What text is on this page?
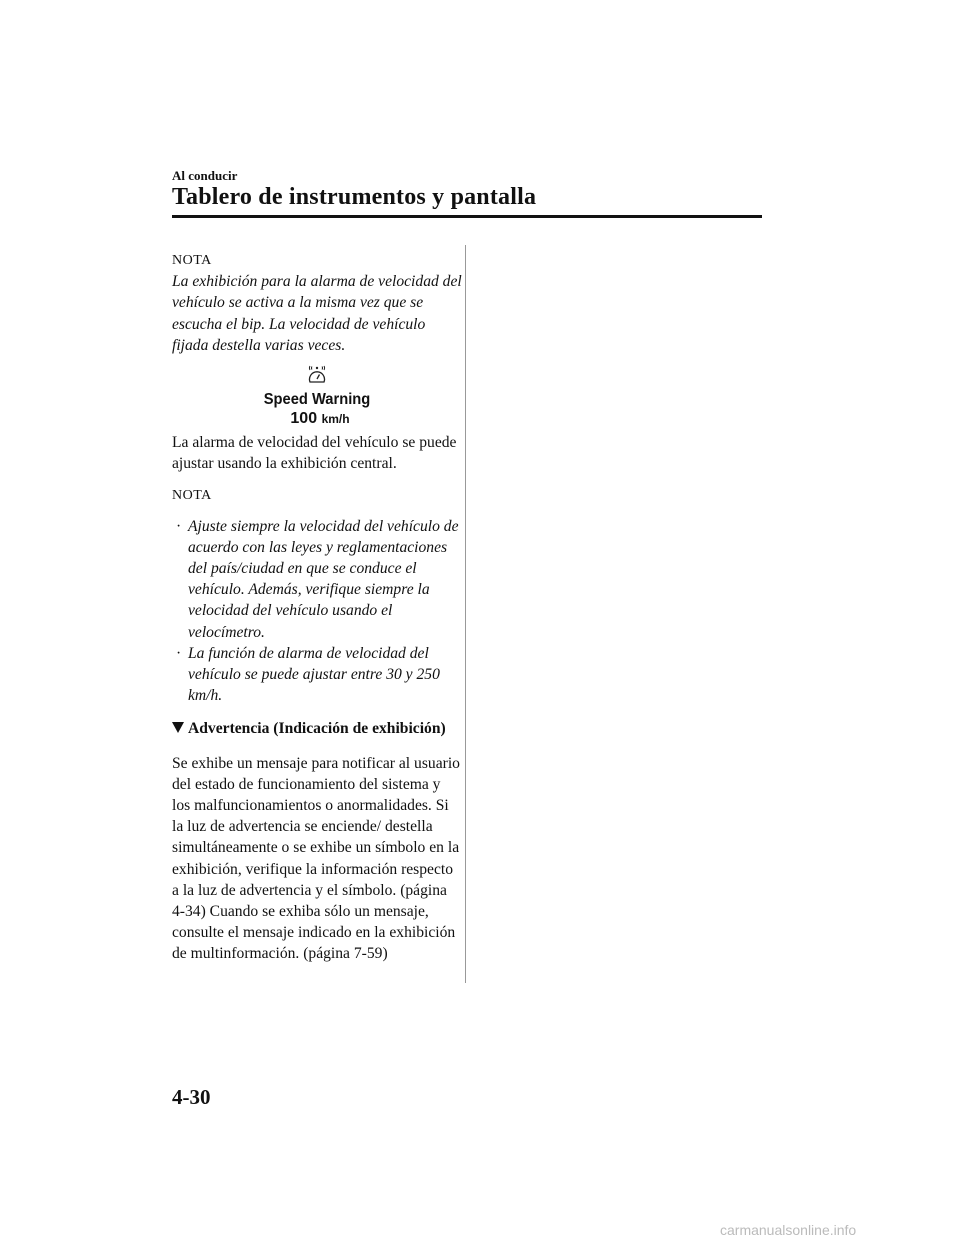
Al conducir
Tablero de instrumentos y pantalla

NOTA

La exhibición para la alarma de velocidad del vehículo se activa a la misma vez que se escucha el bip. La velocidad de vehículo fijada destella varias veces.

Speed Warning
100 km/h

La alarma de velocidad del vehículo se puede ajustar usando la exhibición central.

NOTA

· Ajuste siempre la velocidad del vehículo de acuerdo con las leyes y reglamentaciones del país/ciudad en que se conduce el vehículo. Además, verifique siempre la velocidad del vehículo usando el velocímetro.
· La función de alarma de velocidad del vehículo se puede ajustar entre 30 y 250 km/h.

Advertencia (Indicación de exhibición)

Se exhibe un mensaje para notificar al usuario del estado de funcionamiento del sistema y los malfuncionamientos o anormalidades. Si la luz de advertencia se enciende/ destella simultáneamente o se exhibe un símbolo en la exhibición, verifique la información respecto a la luz de advertencia y el símbolo. (página 4-34) Cuando se exhiba sólo un mensaje, consulte el mensaje indicado en la exhibición de multinformación. (página 7-59)

4-30
carmanualsonline.info
